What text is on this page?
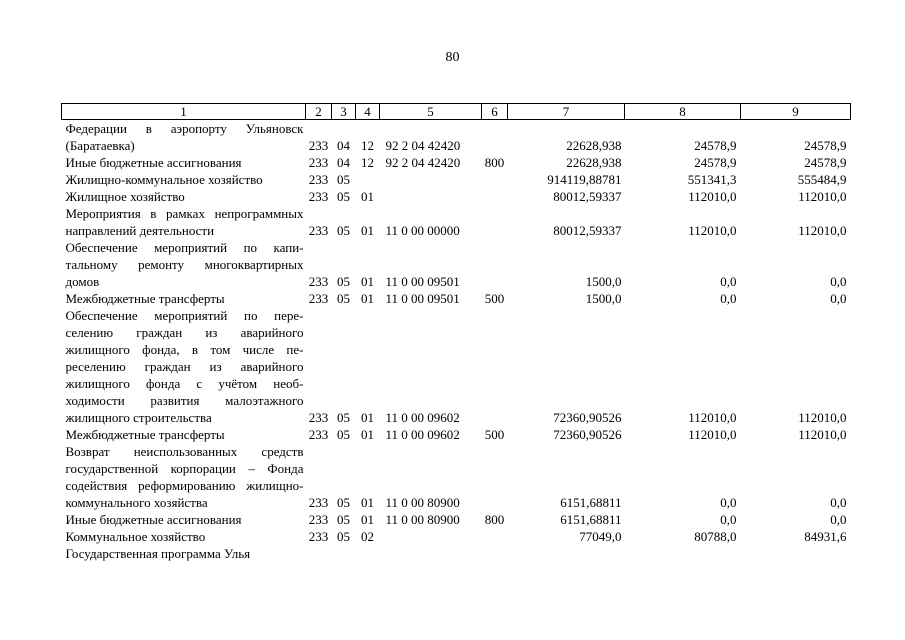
80
1	2	3	4	5	6	7	8	9
Федерации в аэропорту Ульяновск (Баратаевка)	233	04	12	92 2 04 42420		22628,938	24578,9	24578,9
Иные бюджетные ассигнования	233	04	12	92 2 04 42420	800	22628,938	24578,9	24578,9
Жилищно-коммунальное хозяйство	233	05				914119,88781	551341,3	555484,9
Жилищное хозяйство	233	05	01			80012,59337	112010,0	112010,0
Мероприятия в рамках непрограммных направлений деятельности	233	05	01	11 0 00 00000		80012,59337	112010,0	112010,0
Обеспечение мероприятий по капитальному ремонту многоквартирных домов	233	05	01	11 0 00 09501		1500,0	0,0	0,0
Межбюджетные трансферты	233	05	01	11 0 00 09501	500	1500,0	0,0	0,0
Обеспечение мероприятий по переселению граждан из аварийного жилищного фонда, в том числе переселению граждан из аварийного жилищного фонда с учётом необходимости развития малоэтажного жилищного строительства	233	05	01	11 0 00 09602		72360,90526	112010,0	112010,0
Межбюджетные трансферты	233	05	01	11 0 00 09602	500	72360,90526	112010,0	112010,0
Возврат неиспользованных средств государственной корпорации – Фонда содействия реформированию жилищно-коммунального хозяйства	233	05	01	11 0 00 80900		6151,68811	0,0	0,0
Иные бюджетные ассигнования	233	05	01	11 0 00 80900	800	6151,68811	0,0	0,0
Коммунальное хозяйство	233	05	02			77049,0	80788,0	84931,6
Государственная программа Улья								
